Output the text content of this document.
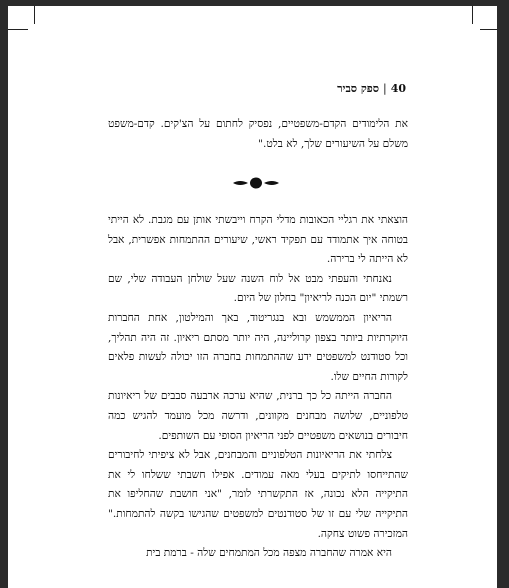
40|ספק סביר

את הלימודים הקדם-משפטיים, נפסיק לחתום על הצ'קים. קדם-משפט משלם על השיעורים שלך, לא בלט."

הוצאתי את רגליי הכאובות מדלי הקרח וייבשתי אותן עם מגבת. לא הייתי בטוחה איך אתמודד עם תפקיד ראשי, שיעורים ההתמחות אפשרית, אבל לא הייתה לי ברירה.

נאנחתי והעפתי מבט אל לוח השנה שעל שולחן העבודה שלי, שם רשמתי "יום הכנה לריאיון" בחלון של היום.

הריאיון הממשמש ובא בנגריטוד, באך והמילטון, אחת החברות היוקרתיות ביותר בצפון קרוליינה, היה יותר מסתם ריאיון. זה היה תהליך, וכל סטודנט למשפטים ידע שההתמחות בחברה הזו יכולה לעשות פלאים לקורות החיים שלו.

החברה הייתה כל כך ברנית, שהיא ערכה ארבעה סבבים של ריאיונות טלפוניים, שלושה מבחנים מקוונים, ודרשה מכל מועמד להגיש כמה חיבורים בנושאים משפטיים לפני הריאיון הסופי עם השותפים.

צלחתי את הריאיונות הטלפוניים והמבחנים, אבל לא ציפיתי לחיבורים שהתייחסו לתיקים בעלי מאה עמודים. אפילו חשבתי ששלחו לי את התיקייה הלא נכונה, אז התקשרתי לומר, "אני חושבת שהחליפו את התיקייה שלי עם זו של סטודנטים למשפטים שהגישו בקשה להתמחות." המזכירה פשוט צחקה.

היא אמרה שהחברה מצפה מכל המתמחים שלה - ברמת בית
